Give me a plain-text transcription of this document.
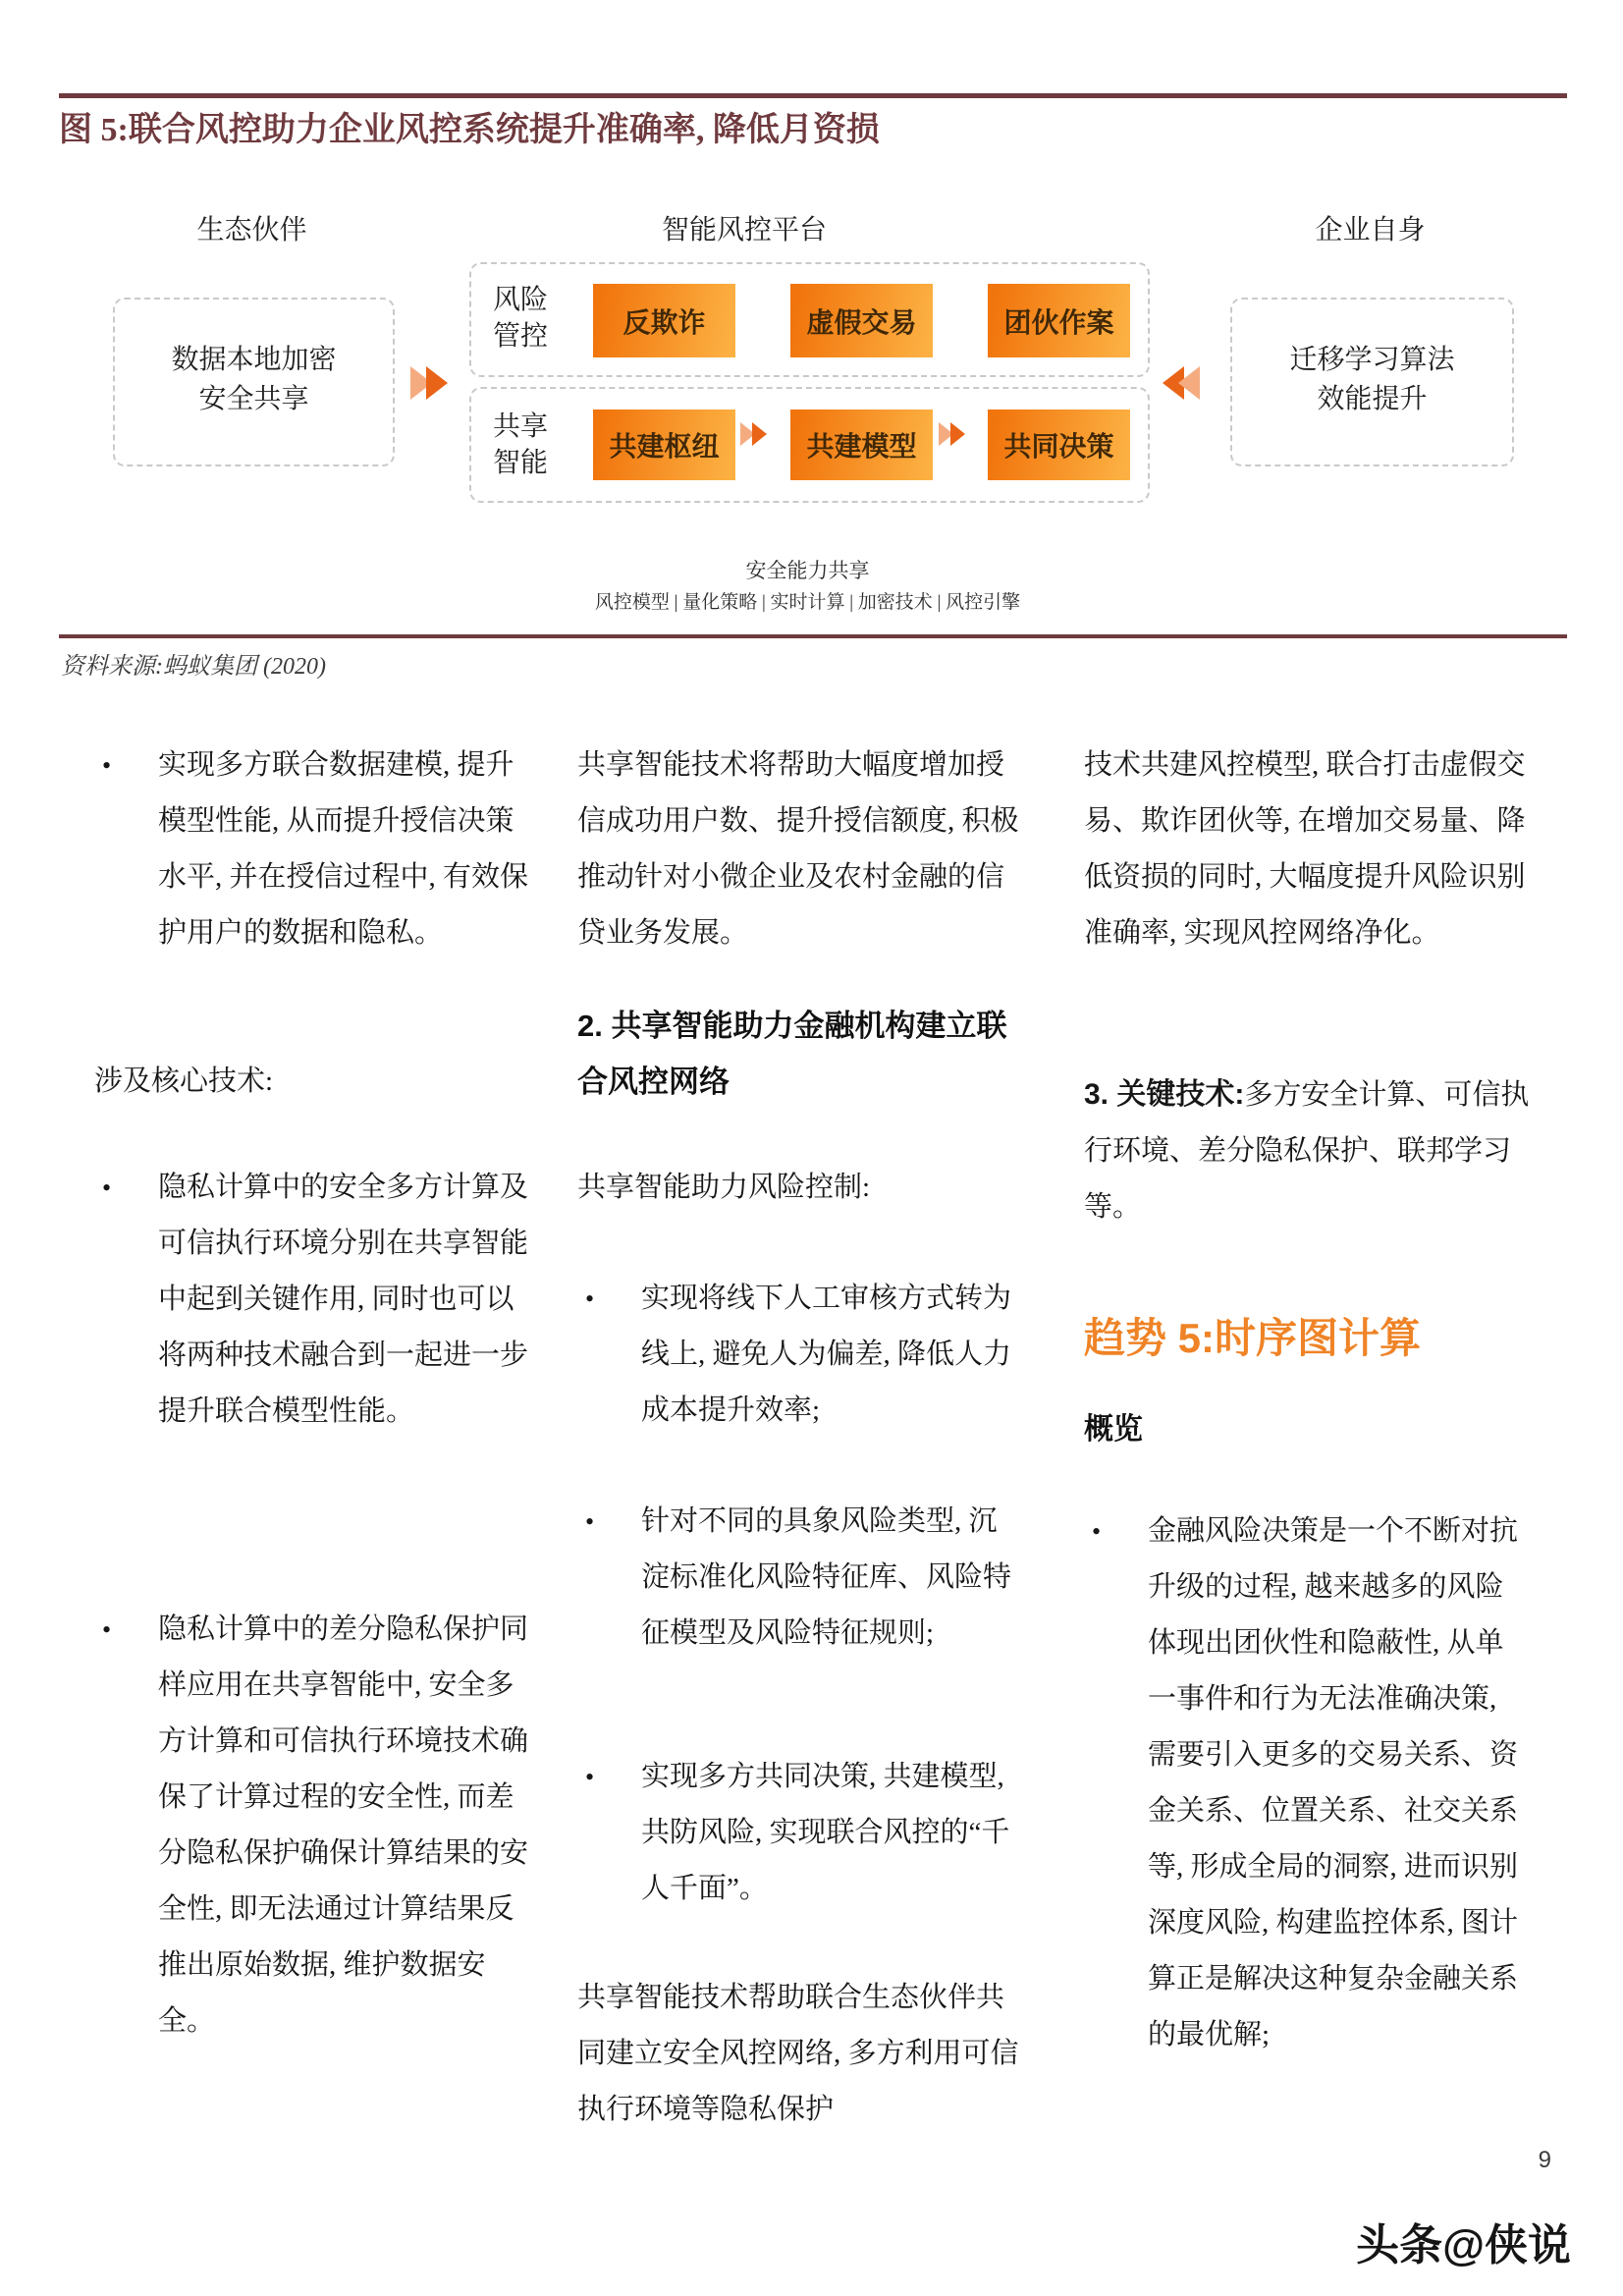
图 5:联合风控助力企业风控系统提升准确率, 降低月资损
生态伙伴	智能风控平台	企业自身
数据本地加密
安全共享
风险
管控	反欺诈	虚假交易	团伙作案
共享
智能
共建枢纽	共建模型	共同决策
迁移学习算法
效能提升
安全能力共享
风控模型 | 量化策略 | 实时计算 | 加密技术 | 风控引擎
资料来源:蚂蚁集团 (2020)
•	实现多方联合数据建模, 提升模型性能, 从而提升授信决策水平, 并在授信过程中, 有效保护用户的数据和隐私。
涉及核心技术:
•	隐私计算中的安全多方计算及可信执行环境分别在共享智能中起到关键作用, 同时也可以将两种技术融合到一起进一步提升联合模型性能。
•	隐私计算中的差分隐私保护同样应用在共享智能中, 安全多方计算和可信执行环境技术确保了计算过程的安全性, 而差分隐私保护确保计算结果的安全性, 即无法通过计算结果反推出原始数据, 维护数据安全。
共享智能技术将帮助大幅度增加授信成功用户数、提升授信额度, 积极推动针对小微企业及农村金融的信贷业务发展。
2. 共享智能助力金融机构建立联合风控网络
共享智能助力风险控制:
•	实现将线下人工审核方式转为线上, 避免人为偏差, 降低人力成本提升效率;
•	针对不同的具象风险类型, 沉淀标准化风险特征库、风险特征模型及风险特征规则;
•	实现多方共同决策, 共建模型, 共防风险, 实现联合风控的“千人千面”。
共享智能技术帮助联合生态伙伴共同建立安全风控网络, 多方利用可信执行环境等隐私保护
技术共建风控模型, 联合打击虚假交易、欺诈团伙等, 在增加交易量、降低资损的同时, 大幅度提升风险识别准确率, 实现风控网络净化。
3. 关键技术:多方安全计算、可信执行环境、差分隐私保护、联邦学习等。
趋势 5:时序图计算
概览
•	金融风险决策是一个不断对抗升级的过程, 越来越多的风险体现出团伙性和隐蔽性, 从单一事件和行为无法准确决策, 需要引入更多的交易关系、资金关系、位置关系、社交关系等, 形成全局的洞察, 进而识别深度风险, 构建监控体系, 图计算正是解决这种复杂金融关系的最优解;
9
头条@侠说
